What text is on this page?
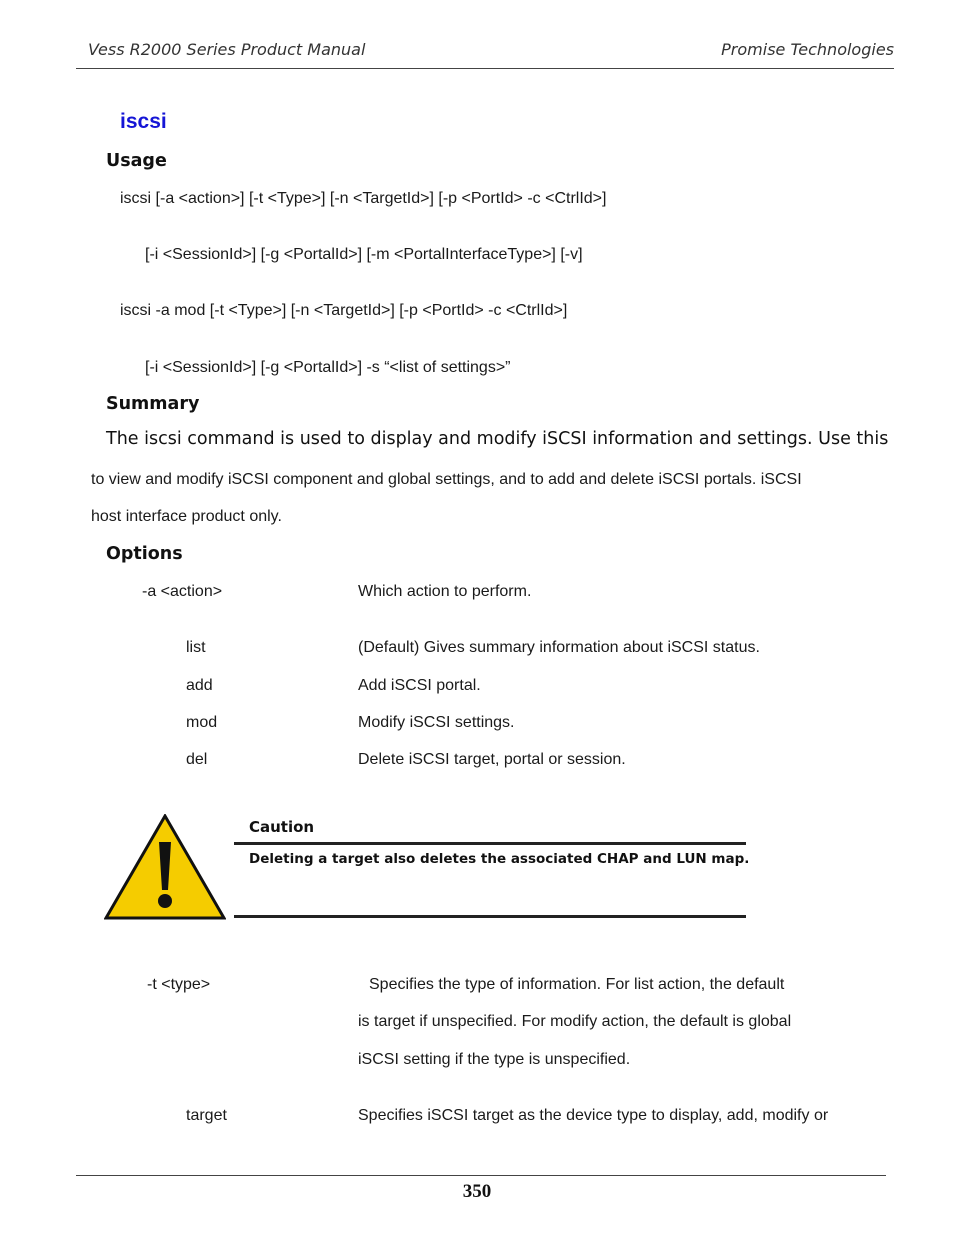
Vess R2000 Series Product Manual	Promise Technologies
iscsi
Usage
iscsi [-a <action>] [-t <Type>] [-n <TargetId>] [-p <PortId> -c <CtrlId>]
[-i <SessionId>] [-g <PortalId>] [-m <PortalInterfaceType>] [-v]
iscsi -a mod [-t <Type>] [-n <TargetId>] [-p <PortId> -c <CtrlId>]
[-i <SessionId>] [-g <PortalId>] -s “<list of settings>”
Summary
The iscsi command is used to display and modify iSCSI information and settings. Use this
to view and modify iSCSI component and global settings, and to add and delete iSCSI portals. iSCSI
host interface product only.
Options
-a <action>	Which action to perform.
list	(Default) Gives summary information about iSCSI status.
add	Add iSCSI portal.
mod	Modify iSCSI settings.
del	Delete iSCSI target, portal or session.
Caution
Deleting a target also deletes the associated CHAP and LUN map.
-t <type>	Specifies the type of information. For list action, the default
is target if unspecified. For modify action, the default is global
iSCSI setting if the type is unspecified.
target	Specifies iSCSI target as the device type to display, add, modify or
350
